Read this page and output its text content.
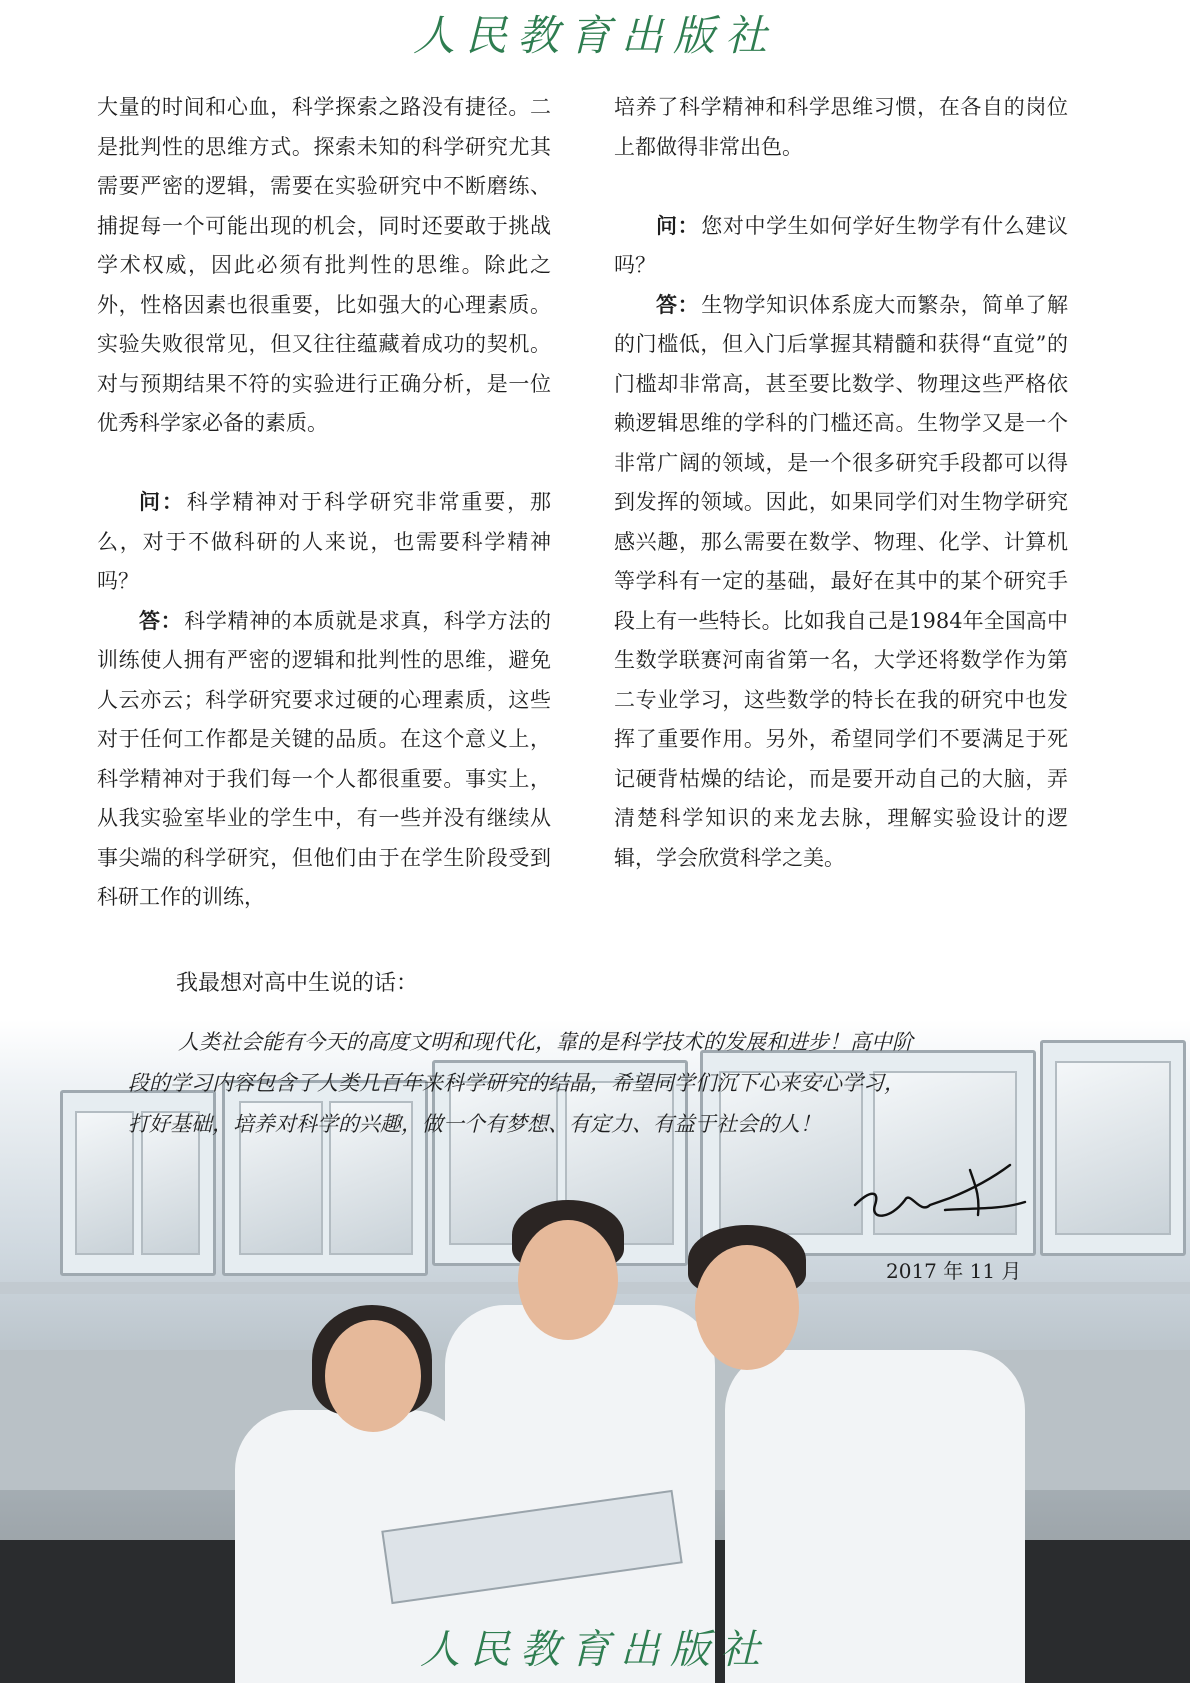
人民教育出版社

大量的时间和心血，科学探索之路没有捷径。二是批判性的思维方式。探索未知的科学研究尤其需要严密的逻辑，需要在实验研究中不断磨练、捕捉每一个可能出现的机会，同时还要敢于挑战学术权威，因此必须有批判性的思维。除此之外，性格因素也很重要，比如强大的心理素质。实验失败很常见，但又往往蕴藏着成功的契机。对与预期结果不符的实验进行正确分析，是一位优秀科学家必备的素质。

问：科学精神对于科学研究非常重要，那么，对于不做科研的人来说，也需要科学精神吗？

答：科学精神的本质就是求真，科学方法的训练使人拥有严密的逻辑和批判性的思维，避免人云亦云；科学研究要求过硬的心理素质，这些对于任何工作都是关键的品质。在这个意义上，科学精神对于我们每一个人都很重要。事实上，从我实验室毕业的学生中，有一些并没有继续从事尖端的科学研究，但他们由于在学生阶段受到科研工作的训练，

培养了科学精神和科学思维习惯，在各自的岗位上都做得非常出色。

问：您对中学生如何学好生物学有什么建议吗？

答：生物学知识体系庞大而繁杂，简单了解的门槛低，但入门后掌握其精髓和获得“直觉”的门槛却非常高，甚至要比数学、物理这些严格依赖逻辑思维的学科的门槛还高。生物学又是一个非常广阔的领域，是一个很多研究手段都可以得到发挥的领域。因此，如果同学们对生物学研究感兴趣，那么需要在数学、物理、化学、计算机等学科有一定的基础，最好在其中的某个研究手段上有一些特长。比如我自己是1984年全国高中生数学联赛河南省第一名，大学还将数学作为第二专业学习，这些数学的特长在我的研究中也发挥了重要作用。另外，希望同学们不要满足于死记硬背枯燥的结论，而是要开动自己的大脑，弄清楚科学知识的来龙去脉，理解实验设计的逻辑，学会欣赏科学之美。

我最想对高中生说的话：
人类社会能有今天的高度文明和现代化，靠的是科学技术的发展和进步！高中阶
段的学习内容包含了人类几百年来科学研究的结晶，希望同学们沉下心来安心学习，
打好基础，培养对科学的兴趣，做一个有梦想、有定力、有益于社会的人！
2017 年 11 月
人民教育出版社
